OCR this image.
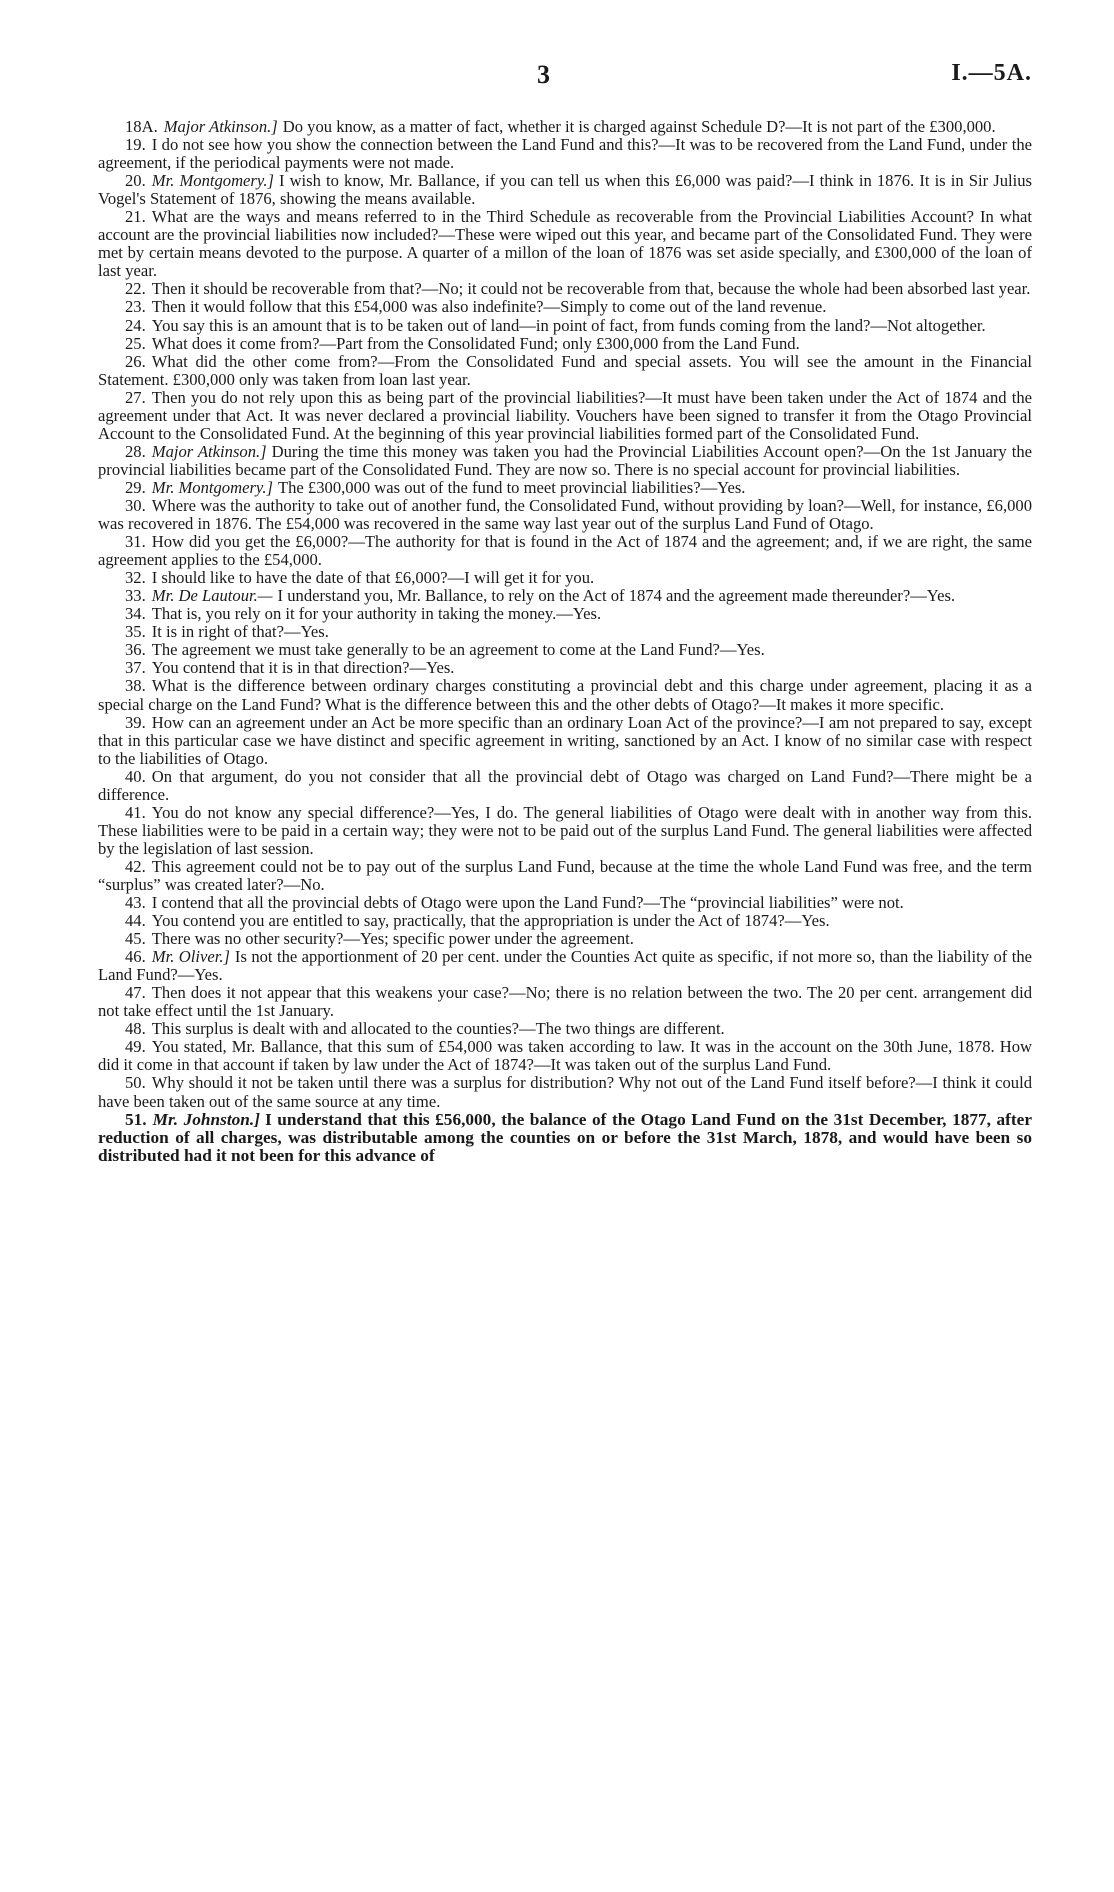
3	I.—5A.

18A. Major Atkinson.] Do you know, as a matter of fact, whether it is charged against Schedule D?—It is not part of the £300,000.

19. I do not see how you show the connection between the Land Fund and this?—It was to be recovered from the Land Fund, under the agreement, if the periodical payments were not made.

20. Mr. Montgomery.] I wish to know, Mr. Ballance, if you can tell us when this £6,000 was paid?—I think in 1876. It is in Sir Julius Vogel's Statement of 1876, showing the means available.

21. What are the ways and means referred to in the Third Schedule as recoverable from the Provincial Liabilities Account? In what account are the provincial liabilities now included?—These were wiped out this year, and became part of the Consolidated Fund. They were met by certain means devoted to the purpose. A quarter of a millon of the loan of 1876 was set aside specially, and £300,000 of the loan of last year.

22. Then it should be recoverable from that?—No; it could not be recoverable from that, because the whole had been absorbed last year.

23. Then it would follow that this £54,000 was also indefinite?—Simply to come out of the land revenue.

24. You say this is an amount that is to be taken out of land—in point of fact, from funds coming from the land?—Not altogether.

25. What does it come from?—Part from the Consolidated Fund; only £300,000 from the Land Fund.

26. What did the other come from?—From the Consolidated Fund and special assets. You will see the amount in the Financial Statement. £300,000 only was taken from loan last year.

27. Then you do not rely upon this as being part of the provincial liabilities?—It must have been taken under the Act of 1874 and the agreement under that Act. It was never declared a provincial liability. Vouchers have been signed to transfer it from the Otago Provincial Account to the Consolidated Fund. At the beginning of this year provincial liabilities formed part of the Consolidated Fund.

28. Major Atkinson.] During the time this money was taken you had the Provincial Liabilities Account open?—On the 1st January the provincial liabilities became part of the Consolidated Fund. They are now so. There is no special account for provincial liabilities.

29. Mr. Montgomery.] The £300,000 was out of the fund to meet provincial liabilities?—Yes.

30. Where was the authority to take out of another fund, the Consolidated Fund, without providing by loan?—Well, for instance, £6,000 was recovered in 1876. The £54,000 was recovered in the same way last year out of the surplus Land Fund of Otago.

31. How did you get the £6,000?—The authority for that is found in the Act of 1874 and the agreement; and, if we are right, the same agreement applies to the £54,000.

32. I should like to have the date of that £6,000?—I will get it for you.

33. Mr. De Lautour.— I understand you, Mr. Ballance, to rely on the Act of 1874 and the agreement made thereunder?—Yes.

34. That is, you rely on it for your authority in taking the money.—Yes.

35. It is in right of that?—Yes.

36. The agreement we must take generally to be an agreement to come at the Land Fund?—Yes.

37. You contend that it is in that direction?—Yes.

38. What is the difference between ordinary charges constituting a provincial debt and this charge under agreement, placing it as a special charge on the Land Fund? What is the difference between this and the other debts of Otago?—It makes it more specific.

39. How can an agreement under an Act be more specific than an ordinary Loan Act of the province?—I am not prepared to say, except that in this particular case we have distinct and specific agreement in writing, sanctioned by an Act. I know of no similar case with respect to the liabilities of Otago.

40. On that argument, do you not consider that all the provincial debt of Otago was charged on Land Fund?—There might be a difference.

41. You do not know any special difference?—Yes, I do. The general liabilities of Otago were dealt with in another way from this. These liabilities were to be paid in a certain way; they were not to be paid out of the surplus Land Fund. The general liabilities were affected by the legislation of last session.

42. This agreement could not be to pay out of the surplus Land Fund, because at the time the whole Land Fund was free, and the term “surplus” was created later?—No.

43. I contend that all the provincial debts of Otago were upon the Land Fund?—The “provincial liabilities” were not.

44. You contend you are entitled to say, practically, that the appropriation is under the Act of 1874?—Yes.

45. There was no other security?—Yes; specific power under the agreement.

46. Mr. Oliver.] Is not the apportionment of 20 per cent. under the Counties Act quite as specific, if not more so, than the liability of the Land Fund?—Yes.

47. Then does it not appear that this weakens your case?—No; there is no relation between the two. The 20 per cent. arrangement did not take effect until the 1st January.

48. This surplus is dealt with and allocated to the counties?—The two things are different.

49. You stated, Mr. Ballance, that this sum of £54,000 was taken according to law. It was in the account on the 30th June, 1878. How did it come in that account if taken by law under the Act of 1874?—It was taken out of the surplus Land Fund.

50. Why should it not be taken until there was a surplus for distribution? Why not out of the Land Fund itself before?—I think it could have been taken out of the same source at any time.

51. Mr. Johnston.] I understand that this £56,000, the balance of the Otago Land Fund on the 31st December, 1877, after reduction of all charges, was distributable among the counties on or before the 31st March, 1878, and would have been so distributed had it not been for this advance of
